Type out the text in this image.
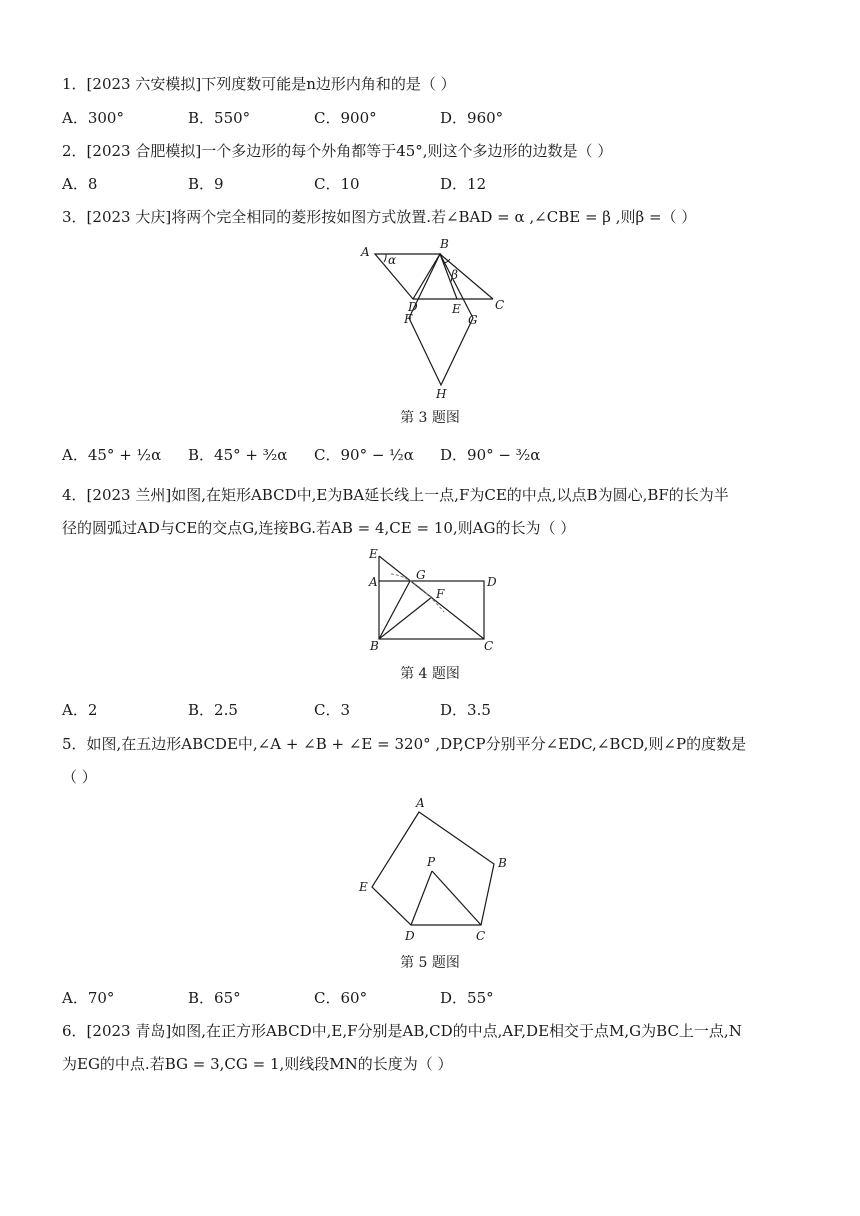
1．[2023 六安模拟]下列度数可能是n边形内角和的是（ ）
A．300°	B．550°	C．900°	D．960°
2．[2023 合肥模拟]一个多边形的每个外角都等于45°,则这个多边形的边数是（ ）
A．8	B．9	C．10	D．12
3．[2023 大庆]将两个完全相同的菱形按如图方式放置.若∠BAD = α ,∠CBE = β ,则β =（ ）
A
α
B
β
D	E	C
F	G
H
第 3 题图
A．45° + ½α B．45° + ³⁄₂α C．90° − ½α D．90° − ³⁄₂α
4．[2023 兰州]如图,在矩形ABCD中,E为BA延长线上一点,F为CE的中点,以点B为圆心,BF的长为半
径的圆弧过AD与CE的交点G,连接BG.若AB = 4,CE = 10,则AG的长为（ ）
E
A	G	D
F
B	C
第 4 题图
A．2	B．2.5	C．3	D．3.5
5．如图,在五边形ABCDE中,∠A + ∠B + ∠E = 320° ,DP,CP分别平分∠EDC,∠BCD,则∠P的度数是
（ ）
A
P	B
E
D	C
第 5 题图
A．70°	B．65°	C．60°	D．55°
6．[2023 青岛]如图,在正方形ABCD中,E,F分别是AB,CD的中点,AF,DE相交于点M,G为BC上一点,N
为EG的中点.若BG = 3,CG = 1,则线段MN的长度为（ ）
